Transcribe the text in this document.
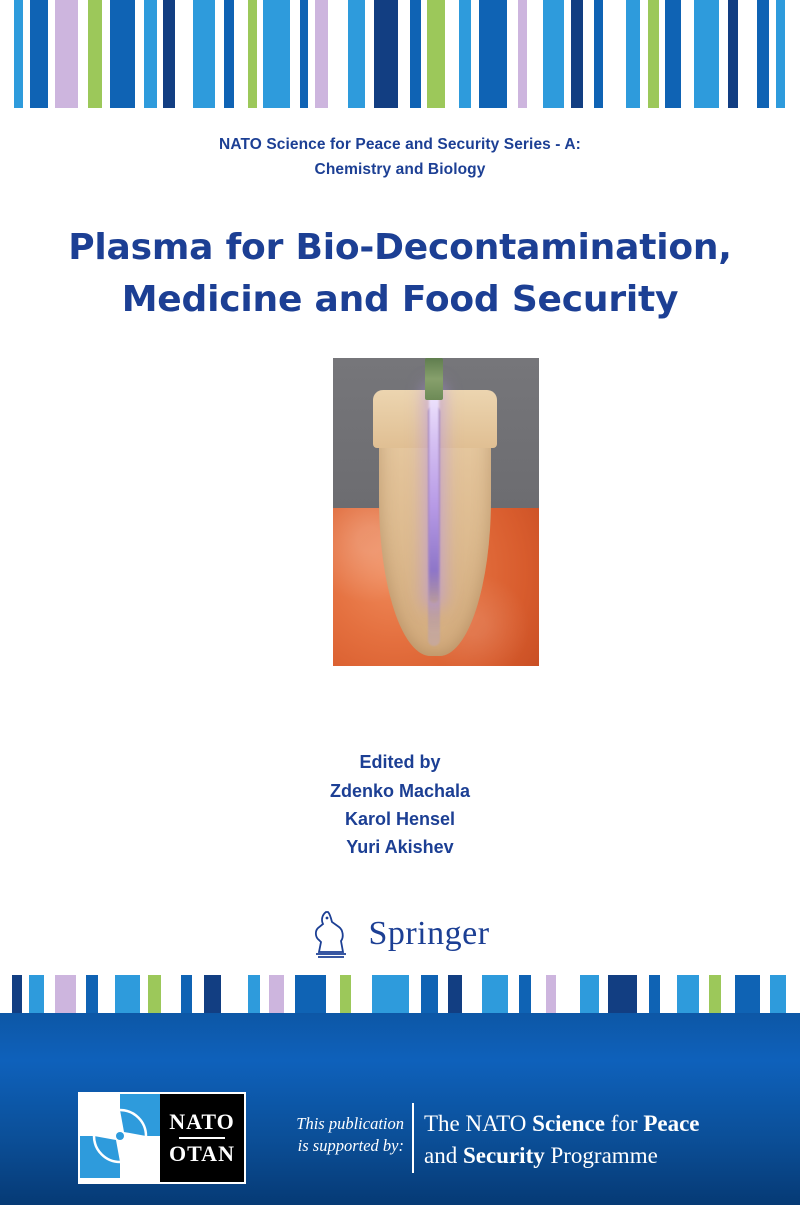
NATO Science for Peace and Security Series - A:
Chemistry and Biology
Plasma for Bio-Decontamination,
Medicine and Food Security
Edited by
Zdenko Machala
Karol Hensel
Yuri Akishev
Springer
NATO
OTAN
This publication
is supported by:
The NATO Science for Peace
and Security Programme
